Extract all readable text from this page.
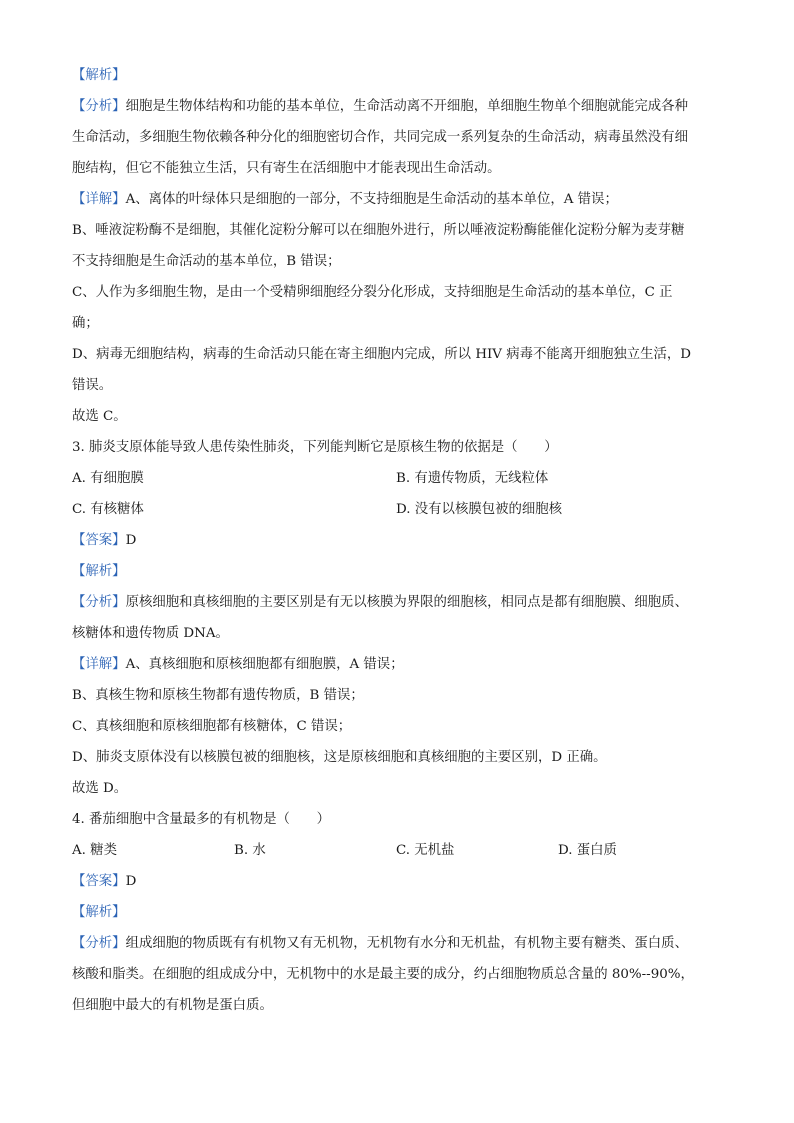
【解析】
【分析】细胞是生物体结构和功能的基本单位，生命活动离不开细胞，单细胞生物单个细胞就能完成各种
生命活动，多细胞生物依赖各种分化的细胞密切合作，共同完成一系列复杂的生命活动，病毒虽然没有细
胞结构，但它不能独立生活，只有寄生在活细胞中才能表现出生命活动。
【详解】A、离体的叶绿体只是细胞的一部分，不支持细胞是生命活动的基本单位，A 错误；
B、唾液淀粉酶不是细胞，其催化淀粉分解可以在细胞外进行，所以唾液淀粉酶能催化淀粉分解为麦芽糖
不支持细胞是生命活动的基本单位，B 错误；
C、人作为多细胞生物，是由一个受精卵细胞经分裂分化形成，支持细胞是生命活动的基本单位，C 正
确；
D、病毒无细胞结构，病毒的生命活动只能在寄主细胞内完成，所以 HIV 病毒不能离开细胞独立生活，D
错误。
故选 C。
3. 肺炎支原体能导致人患传染性肺炎，下列能判断它是原核生物的依据是（　　）
A. 有细胞膜	B. 有遗传物质，无线粒体
C. 有核糖体	D. 没有以核膜包被的细胞核
【答案】D
【解析】
【分析】原核细胞和真核细胞的主要区别是有无以核膜为界限的细胞核，相同点是都有细胞膜、细胞质、
核糖体和遗传物质 DNA。
【详解】A、真核细胞和原核细胞都有细胞膜，A 错误；
B、真核生物和原核生物都有遗传物质，B 错误；
C、真核细胞和原核细胞都有核糖体，C 错误；
D、肺炎支原体没有以核膜包被的细胞核，这是原核细胞和真核细胞的主要区别，D 正确。
故选 D。
4. 番茄细胞中含量最多的有机物是（　　）
A. 糖类	B. 水	C. 无机盐	D. 蛋白质
【答案】D
【解析】
【分析】组成细胞的物质既有有机物又有无机物，无机物有水分和无机盐，有机物主要有糖类、蛋白质、
核酸和脂类。在细胞的组成成分中，无机物中的水是最主要的成分，约占细胞物质总含量的 80%--90%，
但细胞中最大的有机物是蛋白质。
